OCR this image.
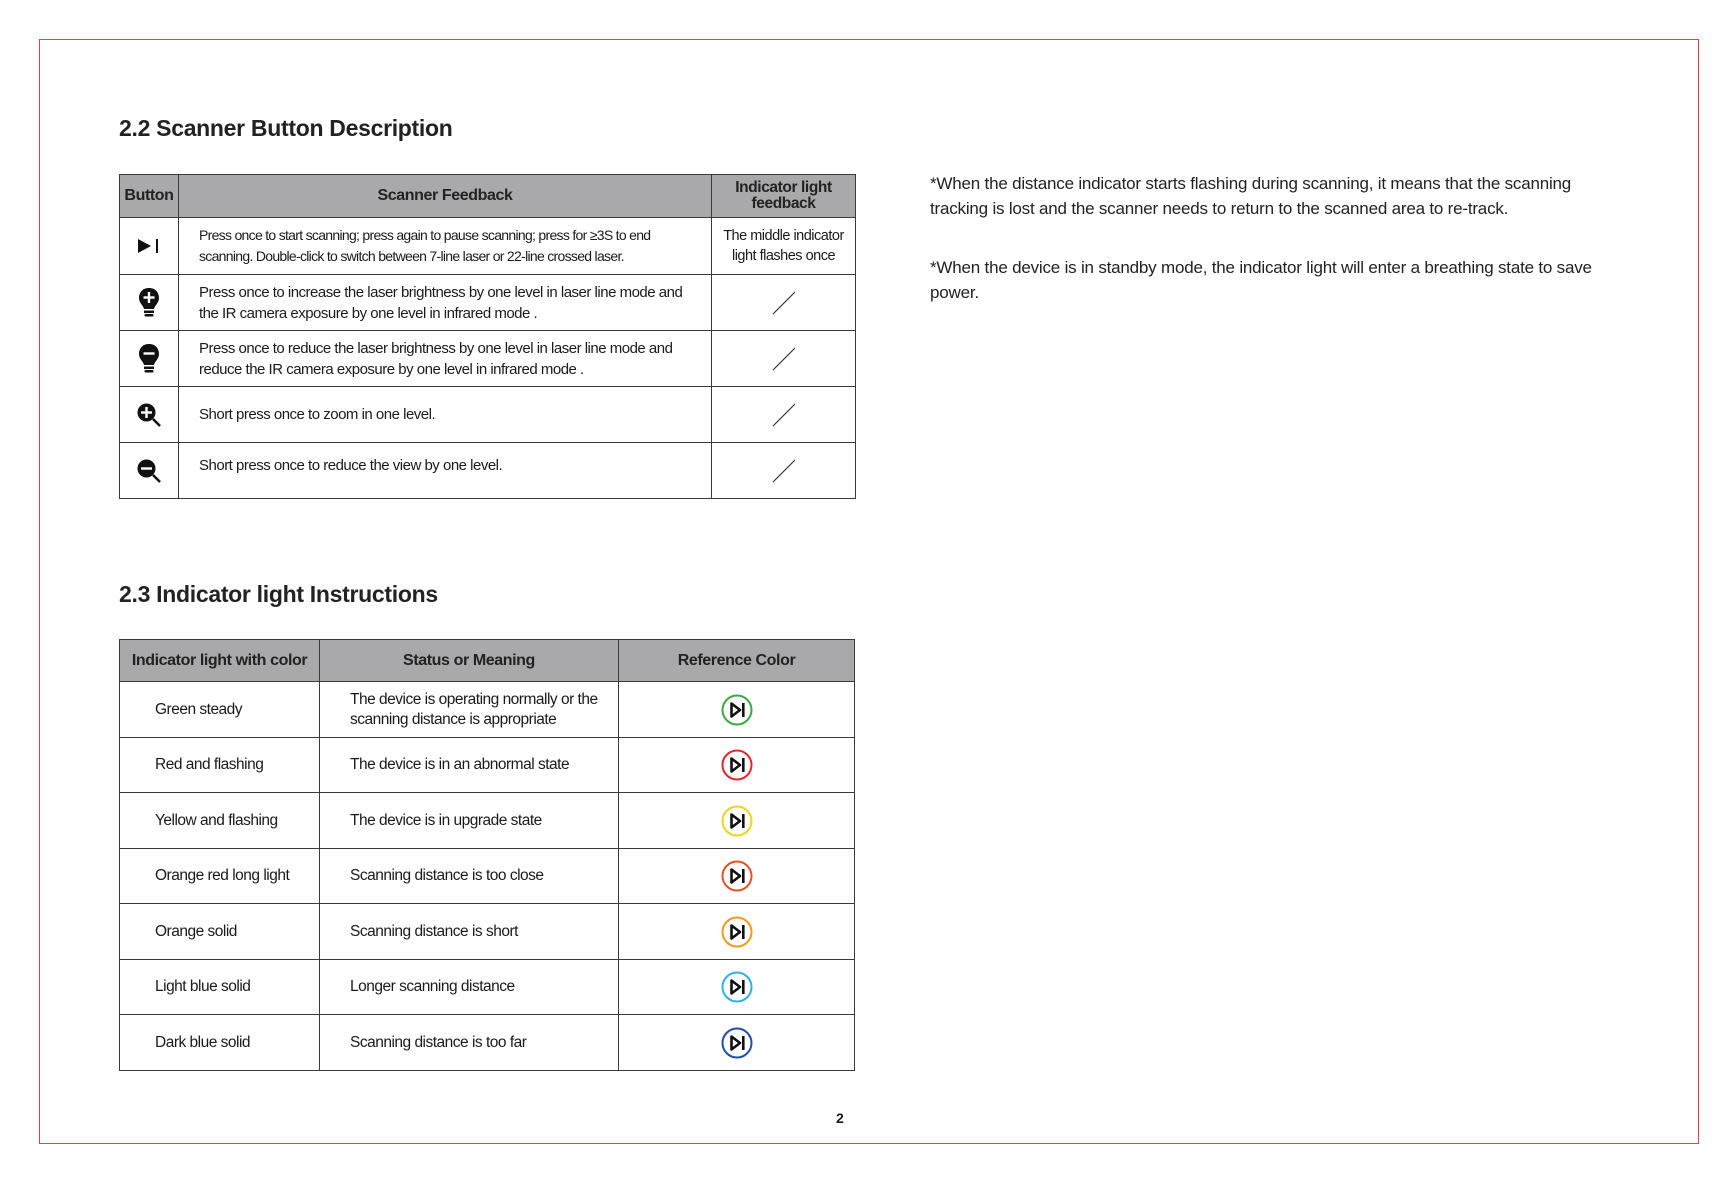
2.2 Scanner Button Description
Button	Scanner Feedback	Indicator light feedback

	Press once to start scanning; press again to pause scanning; press for ≥3S to end scanning. Double-click to switch between 7-line laser or 22-line crossed laser.	The middle indicator light flashes once

	Press once to increase the laser brightness by one level in laser line mode and the IR camera exposure by one level in infrared mode .	

	Press once to reduce the laser brightness by one level in laser line mode and reduce the IR camera exposure by one level in infrared mode .	

	Short press once to zoom in one level.	

	Short press once to reduce the view by one level.	
2.3 Indicator light Instructions
Indicator light with color	Status or Meaning	Reference Color
Green steady	The device is operating normally or the scanning distance is appropriate	

Red and flashing	The device is in an abnormal state	

Yellow and flashing	The device is in upgrade state	

Orange red long light	Scanning distance is too close	

Orange solid	Scanning distance is short	

Light blue solid	Longer scanning distance	

Dark blue solid	Scanning distance is too far	
*When the distance indicator starts flashing during scanning, it means that the scanning tracking is lost and the scanner needs to return to the scanned area to re-track.
*When the device is in standby mode, the indicator light will enter a breathing state to save power.
2
